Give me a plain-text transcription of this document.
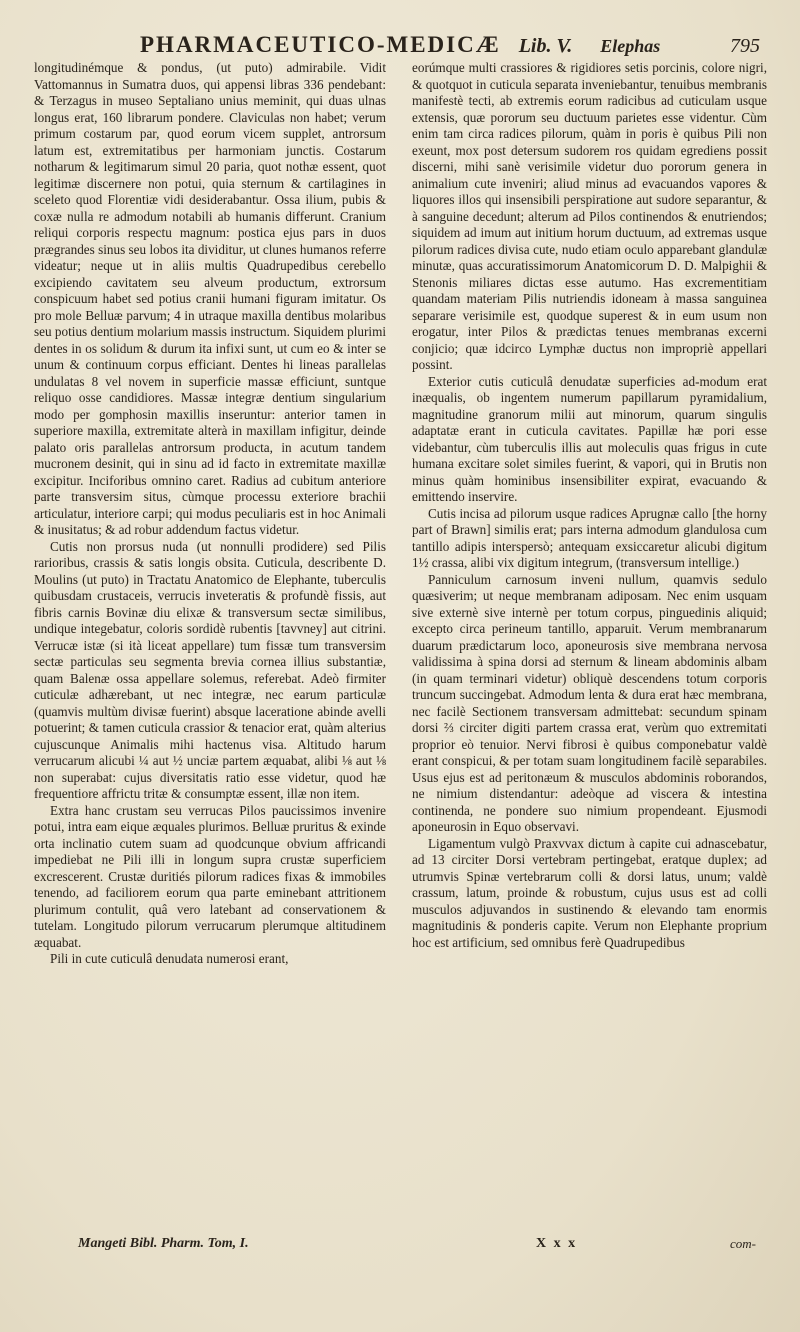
PHARMACEUTICO-MEDICÆ Lib. V. Elephas	795

longitudinémque & pondus, (ut puto) admirabile. Vidit Vattomannus in Sumatra duos, qui appensi libras 336 pendebant: & Terzagus in museo Septaliano unius meminit, qui duas ulnas longus erat, 160 librarum pondere. Claviculas non habet; verum primum costarum par, quod eorum vicem supplet, antrorsum latum est, extremitatibus per harmoniam junctis. Costarum notharum & legitimarum simul 20 paria, quot nothæ essent, quot legitimæ discernere non potui, quia sternum & cartilagines in sceleto quod Florentiæ vidi desiderabantur. Ossa ilium, pubis & coxæ nulla re admodum notabili ab humanis differunt. Cranium reliqui corporis respectu magnum: postica ejus pars in duos prægrandes sinus seu lobos ita dividitur, ut clunes humanos referre videatur; neque ut in aliis multis Quadrupedibus cerebello excipiendo cavitatem seu alveum productum, extrorsum conspicuum habet sed potius cranii humani figuram imitatur. Os pro mole Belluæ parvum; 4 in utraque maxilla dentibus molaribus seu potius dentium molarium massis instructum. Siquidem plurimi dentes in os solidum & durum ita infixi sunt, ut cum eo & inter se unum & continuum corpus efficiant. Dentes hi lineas parallelas undulatas 8 vel novem in superficie massæ efficiunt, suntque reliquo osse candidiores. Massæ integræ dentium singularium modo per gomphosin maxillis inseruntur: anterior tamen in superiore maxilla, extremitate alterà in maxillam infigitur, deinde palato oris parallelas antrorsum producta, in acutum tandem mucronem desinit, qui in sinu ad id facto in extremitate maxillæ excipitur. Inciforibus omnino caret. Radius ad cubitum anteriore parte transversim situs, cùmque processu exteriore brachii articulatur, interiore carpi; qui modus peculiaris est in hoc Animali & inusitatus; & ad robur addendum factus videtur.

Cutis non prorsus nuda (ut nonnulli prodidere) sed Pilis rarioribus, crassis & satis longis obsita. Cuticula, describente D. Moulins (ut puto) in Tractatu Anatomico de Elephante, tuberculis quibusdam crustaceis, verrucis inveteratis & profundè fissis, aut fibris carnis Bovinæ diu elixæ & transversum sectæ similibus, undique integebatur, coloris sordidè rubentis [tavvney] aut citrini. Verrucæ istæ (si ità liceat appellare) tum fissæ tum transversim sectæ particulas seu segmenta brevia cornea illius substantiæ, quam Balenæ ossa appellare solemus, referebat. Adeò firmiter cuticulæ adhærebant, ut nec integræ, nec earum particulæ (quamvis multùm divisæ fuerint) absque laceratione abinde avelli potuerint; & tamen cuticula crassior & tenacior erat, quàm alterius cujuscunque Animalis mihi hactenus visa. Altitudo harum verrucarum alicubi ¼ aut ½ unciæ partem æquabat, alibi ⅛ aut ⅛ non superabat: cujus diversitatis ratio esse videtur, quod hæ frequentiore affrictu tritæ & consumptæ essent, illæ non item.

Extra hanc crustam seu verrucas Pilos paucissimos invenire potui, intra eam eique æquales plurimos. Belluæ pruritus & exinde orta inclinatio cutem suam ad quodcunque obvium affricandi impediebat ne Pili illi in longum supra crustæ superficiem excrescerent. Crustæ duritiés pilorum radices fixas & immobiles tenendo, ad faciliorem eorum qua parte eminebant attritionem plurimum contulit, quâ vero latebant ad conservationem & tutelam. Longitudo pilorum verrucarum plerumque altitudinem æquabat.

Pili in cute cuticulâ denudata numerosi erant,

eorúmque multi crassiores & rigidiores setis porcinis, colore nigri, & quotquot in cuticula separata inveniebantur, tenuibus membranis manifestè tecti, ab extremis eorum radicibus ad cuticulam usque extensis, quæ pororum seu ductuum parietes esse videntur. Cùm enim tam circa radices pilorum, quàm in poris è quibus Pili non exeunt, mox post detersum sudorem ros quidam egrediens possit discerni, mihi sanè verisimile videtur duo pororum genera in animalium cute inveniri; aliud minus ad evacuandos vapores & liquores illos qui insensibili perspiratione aut sudore separantur, & à sanguine decedunt; alterum ad Pilos continendos & enutriendos; siquidem ad imum aut initium horum ductuum, ad extremas usque pilorum radices divisa cute, nudo etiam oculo apparebant glandulæ minutæ, quas accuratissimorum Anatomicorum D. D. Malpighii & Stenonis miliares dictas esse autumo. Has excrementitiam quandam materiam Pilis nutriendis idoneam à massa sanguinea separare verisimile est, quodque superest & in eum usum non erogatur, inter Pilos & prædictas tenues membranas excerni conjicio; quæ idcirco Lymphæ ductus non impropriè appellari possint.

Exterior cutis cuticulâ denudatæ superficies ad-modum erat inæqualis, ob ingentem numerum papillarum pyramidalium, magnitudine granorum milii aut minorum, quarum singulis adaptatæ erant in cuticula cavitates. Papillæ hæ pori esse videbantur, cùm tuberculis illis aut moleculis quas frigus in cute humana excitare solet similes fuerint, & vapori, qui in Brutis non minus quàm hominibus insensibiliter expirat, evacuando & emittendo inservire.

Cutis incisa ad pilorum usque radices Aprugnæ callo [the horny part of Brawn] similis erat; pars interna admodum glandulosa cum tantillo adipis interspersò; antequam exsiccaretur alicubi digitum 1½ crassa, alibi vix digitum integrum, (transversum intellige.)

Panniculum carnosum inveni nullum, quamvis sedulo quæsiverim; ut neque membranam adiposam. Nec enim usquam sive externè sive internè per totum corpus, pinguedinis aliquid; excepto circa perineum tantillo, apparuit. Verum membranarum duarum prædictarum loco, aponeurosis sive membrana nervosa validissima à spina dorsi ad sternum & lineam abdominis albam (in quam terminari videtur) obliquè descendens totum corporis truncum succingebat. Admodum lenta & dura erat hæc membrana, nec facilè Sectionem transversam admittebat: secundum spinam dorsi ⅔ circiter digiti partem crassa erat, verùm quo extremitati proprior eò tenuior. Nervi fibrosi è quibus componebatur valdè erant conspicui, & per totam suam longitudinem facilè separabiles. Usus ejus est ad peritonæum & musculos abdominis roborandos, ne nimium distendantur: adeòque ad viscera & intestina continenda, ne pondere suo nimium propendeant. Ejusmodi aponeurosin in Equo observavi.

Ligamentum vulgò Praxvvax dictum à capite cui adnascebatur, ad 13 circiter Dorsi vertebram pertingebat, eratque duplex; ad utrumvis Spinæ vertebrarum colli & dorsi latus, unum; valdè crassum, latum, proinde & robustum, cujus usus est ad colli musculos adjuvandos in sustinendo & elevando tam enormis magnitudinis & ponderis capite. Verum non Elephante proprium hoc est artificium, sed omnibus ferè Quadrupedibus

Mangeti Bibl. Pharm. Tom, I.	X x x	com-
